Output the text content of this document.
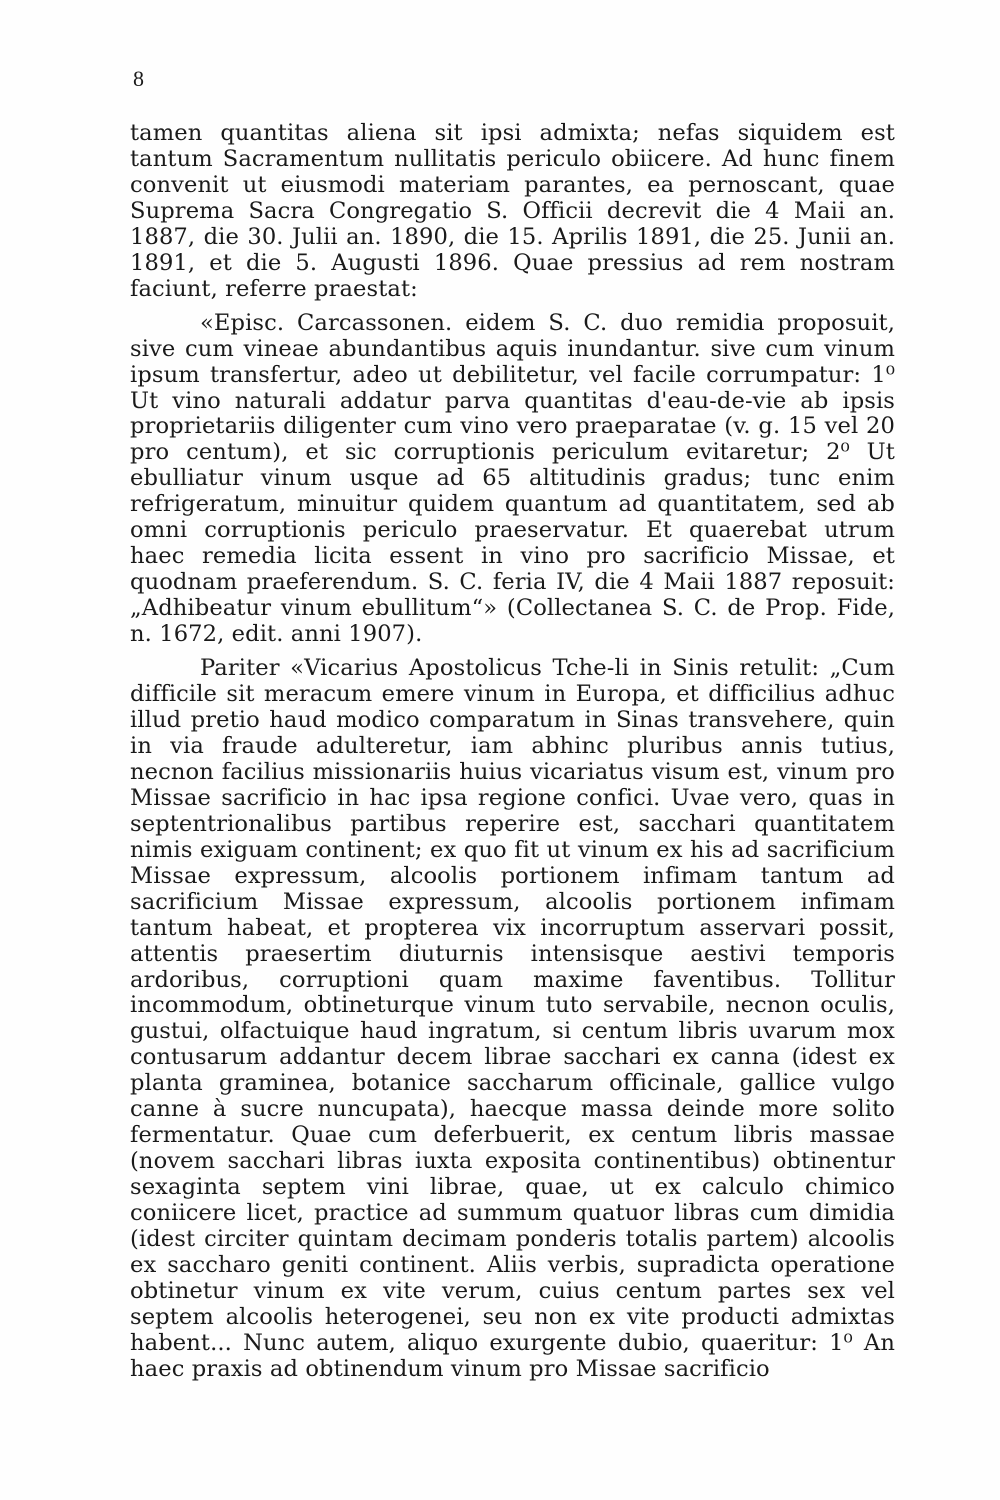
8

tamen quantitas aliena sit ipsi admixta; nefas siquidem est tantum Sacramentum nullitatis periculo obiicere. Ad hunc finem convenit ut eiusmodi materiam parantes, ea pernoscant, quae Suprema Sacra Congregatio S. Officii decrevit die 4 Maii an. 1887, die 30. Julii an. 1890, die 15. Aprilis 1891, die 25. Junii an. 1891, et die 5. Augusti 1896. Quae pressius ad rem nostram faciunt, referre praestat:

«Episc. Carcassonen. eidem S. C. duo remidia proposuit, sive cum vineae abundantibus aquis inundantur. sive cum vinum ipsum transfertur, adeo ut debilitetur, vel facile corrumpatur: 1⁰ Ut vino naturali addatur parva quantitas d'eau-de-vie ab ipsis proprietariis diligenter cum vino vero praeparatae (v. g. 15 vel 20 pro centum), et sic corruptionis periculum evitaretur; 2⁰ Ut ebulliatur vinum usque ad 65 altitudinis gradus; tunc enim refrigeratum, minuitur quidem quantum ad quantitatem, sed ab omni corruptionis periculo praeservatur. Et quaerebat utrum haec remedia licita essent in vino pro sacrificio Missae, et quodnam praeferendum. S. C. feria IV, die 4 Maii 1887 reposuit: „Adhibeatur vinum ebullitum“» (Collectanea S. C. de Prop. Fide, n. 1672, edit. anni 1907).

Pariter «Vicarius Apostolicus Tche-li in Sinis retulit: „Cum difficile sit meracum emere vinum in Europa, et difficilius adhuc illud pretio haud modico comparatum in Sinas transvehere, quin in via fraude adulteretur, iam abhinc pluribus annis tutius, necnon facilius missionariis huius vicariatus visum est, vinum pro Missae sacrificio in hac ipsa regione confici. Uvae vero, quas in septentrionalibus partibus reperire est, sacchari quantitatem nimis exiguam continent; ex quo fit ut vinum ex his ad sacrificium Missae expressum, alcoolis portionem infimam tantum ad sacrificium Missae expressum, alcoolis portionem infimam tantum habeat, et propterea vix incorruptum asservari possit, attentis praesertim diuturnis intensisque aestivi temporis ardoribus, corruptioni quam maxime faventibus. Tollitur incommodum, obtineturque vinum tuto servabile, necnon oculis, gustui, olfactuique haud ingratum, si centum libris uvarum mox contusarum addantur decem librae sacchari ex canna (idest ex planta graminea, botanice saccharum officinale, gallice vulgo canne à sucre nuncupata), haecque massa deinde more solito fermentatur. Quae cum deferbuerit, ex centum libris massae (novem sacchari libras iuxta exposita continentibus) obtinentur sexaginta septem vini librae, quae, ut ex calculo chimico coniicere licet, practice ad summum quatuor libras cum dimidia (idest circiter quintam decimam ponderis totalis partem) alcoolis ex saccharo geniti continent. Aliis verbis, supradicta operatione obtinetur vinum ex vite verum, cuius centum partes sex vel septem alcoolis heterogenei, seu non ex vite producti admixtas habent... Nunc autem, aliquo exurgente dubio, quaeritur: 1⁰ An haec praxis ad obtinendum vinum pro Missae sacrificio
